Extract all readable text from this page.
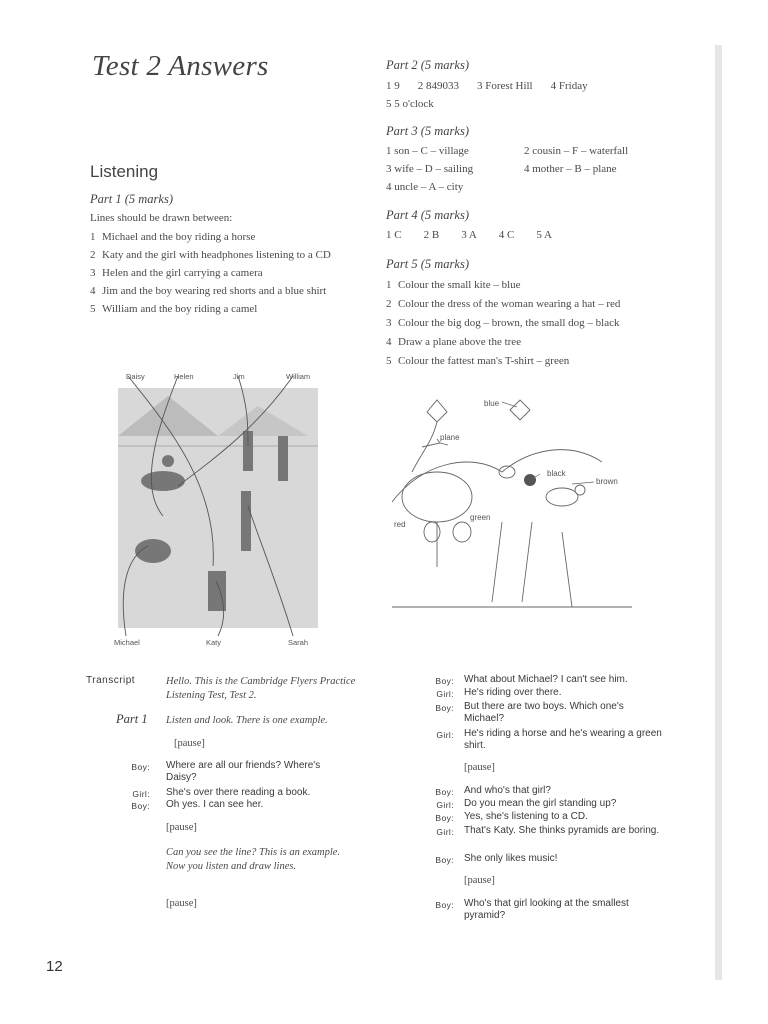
Test 2 Answers
Listening

Part 1 (5 marks)

Lines should be drawn between:
1 Michael and the boy riding a horse
2 Katy and the girl with headphones listening to a CD
3 Helen and the girl carrying a camera
4 Jim and the boy wearing red shorts and a blue shirt
5 William and the boy riding a camel
Daisy	Helen	Jim	William
Michael	Katy	Sarah

Part 2 (5 marks)

1 9 2 849033 3 Forest Hill 4 Friday
5 5 o'clock

Part 3 (5 marks)

1 son – C – village	2 cousin – F – waterfall
3 wife – D – sailing	4 mother – B – plane
4 uncle – A – city

Part 4 (5 marks)

1 C 2 B 3 A 4 C 5 A

Part 5 (5 marks)

1 Colour the small kite – blue
2 Colour the dress of the woman wearing a hat – red
3 Colour the big dog – brown, the small dog – black
4 Draw a plane above the tree
5 Colour the fattest man's T-shirt – green
blue
plane
black
brown
red
green
Transcript	Hello. This is the Cambridge Flyers Practice Listening Test, Test 2.
Part 1 Listen and look. There is one example.
[pause]
Boy: Where are all our friends? Where's Daisy?
Girl: She's over there reading a book.
Boy: Oh yes. I can see her.
[pause]
Can you see the line? This is an example. Now you listen and draw lines.
[pause]
Boy: What about Michael? I can't see him.
Girl: He's riding over there.
Boy: But there are two boys. Which one's Michael?
Girl: He's riding a horse and he's wearing a green shirt.
[pause]
Boy: And who's that girl?
Girl: Do you mean the girl standing up?
Boy: Yes, she's listening to a CD.
Girl: That's Katy. She thinks pyramids are boring.
Boy: She only likes music!
[pause]
Boy: Who's that girl looking at the smallest pyramid?
12
